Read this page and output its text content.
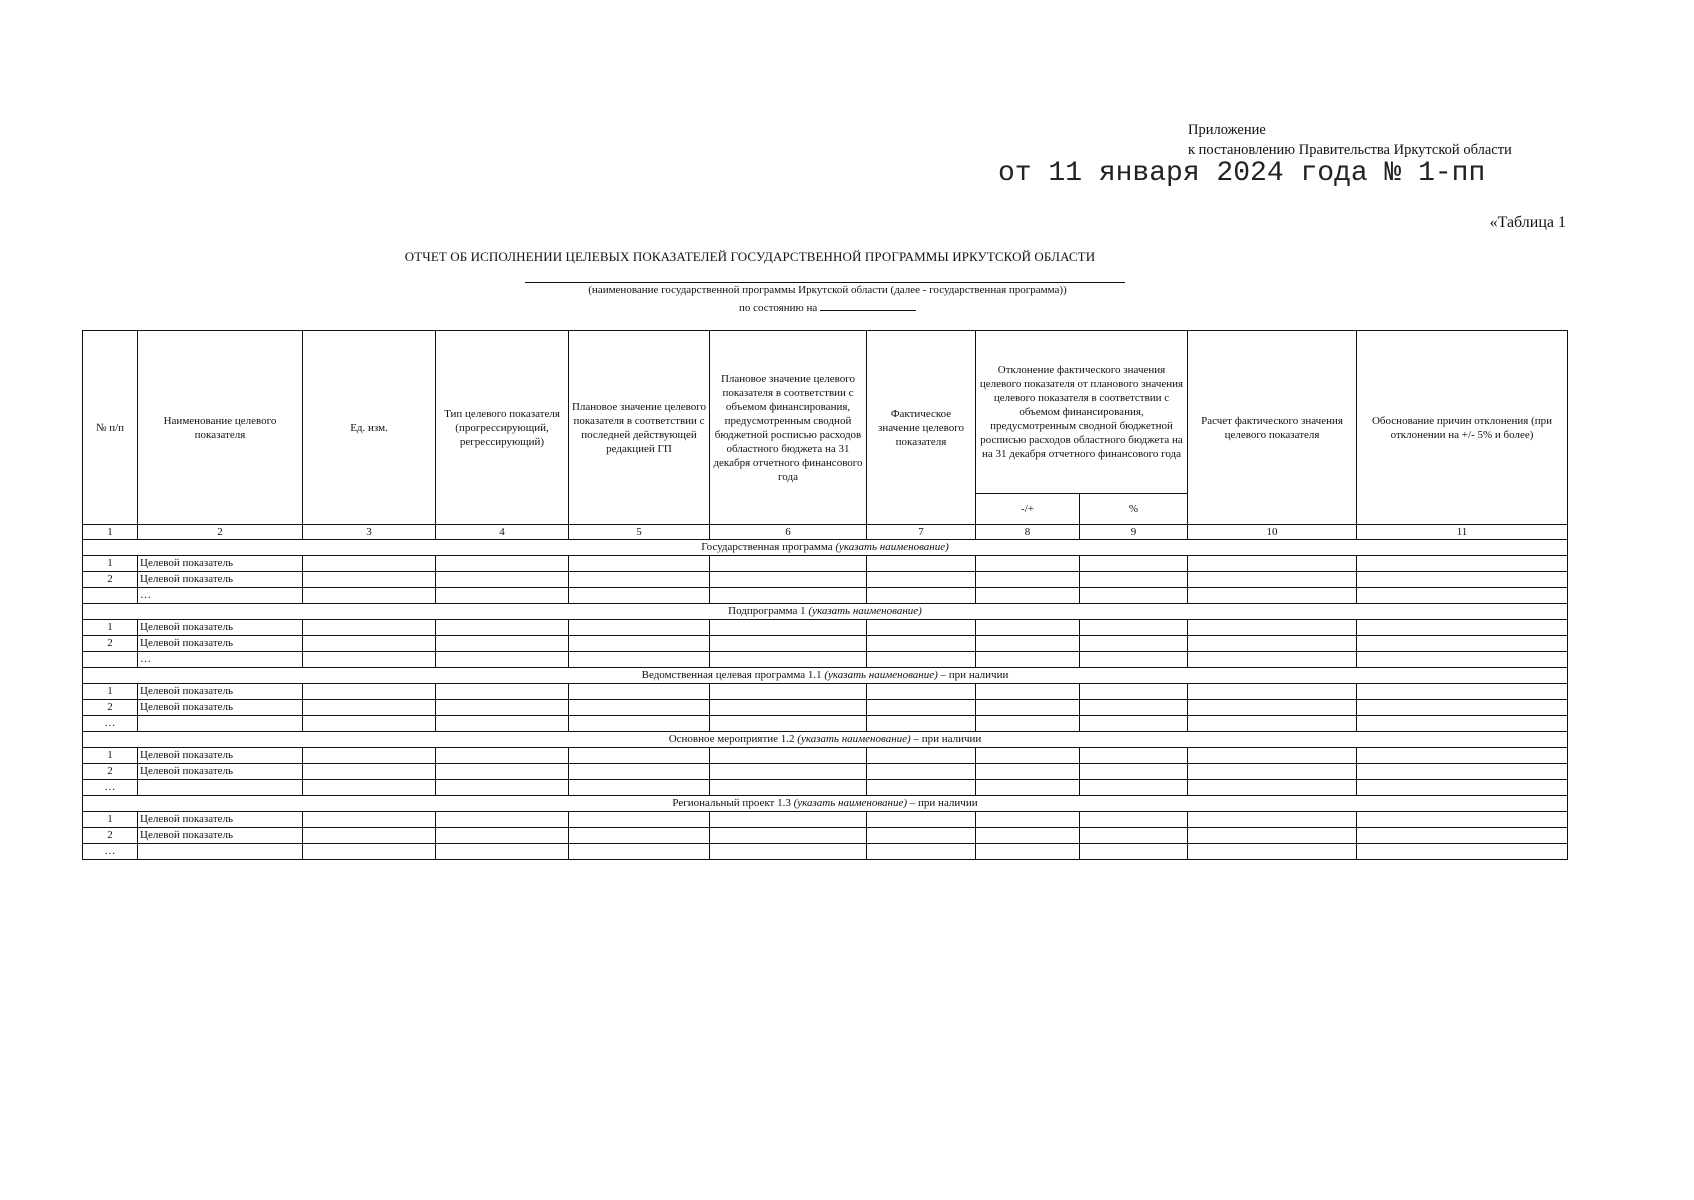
Приложение
к постановлению Правительства Иркутской области
от 11 января 2024 года № 1-пп
«Таблица 1
ОТЧЕТ ОБ ИСПОЛНЕНИИ ЦЕЛЕВЫХ ПОКАЗАТЕЛЕЙ ГОСУДАРСТВЕННОЙ ПРОГРАММЫ ИРКУТСКОЙ ОБЛАСТИ
(наименование государственной программы Иркутской области (далее - государственная программа))
по состоянию на
№ п/п	Наименование целевого показателя	Ед. изм.	Тип целевого показателя (прогрессирующий, регрессирующий)	Плановое значение целевого показателя в соответствии с последней действующей редакцией ГП	Плановое значение целевого показателя в соответствии с объемом финансирования, предусмотренным сводной бюджетной росписью расходов областного бюджета на 31 декабря отчетного финансового года	Фактическое значение целевого показателя	Отклонение фактического значения целевого показателя от планового значения целевого показателя в соответствии с объемом финансирования, предусмотренным сводной бюджетной росписью расходов областного бюджета на на 31 декабря отчетного финансового года		Расчет фактического значения целевого показателя	Обоснование причин отклонения (при отклонении на +/- 5% и более)
							-/+	%		
1	2	3	4	5	6	7	8	9	10	11
Государственная программа (указать наименование)										
1	Целевой показатель									
2	Целевой показатель									
	…									
Подпрограмма 1 (указать наименование)										
1	Целевой показатель									
2	Целевой показатель									
	…									
Ведомственная целевая программа 1.1 (указать наименование) – при наличии										
1	Целевой показатель									
2	Целевой показатель									
…										
Основное мероприятие 1.2 (указать наименование) – при наличии										
1	Целевой показатель									
2	Целевой показатель									
…										
Региональный проект 1.3 (указать наименование) – при наличии										
1	Целевой показатель									
2	Целевой показатель									
…										
